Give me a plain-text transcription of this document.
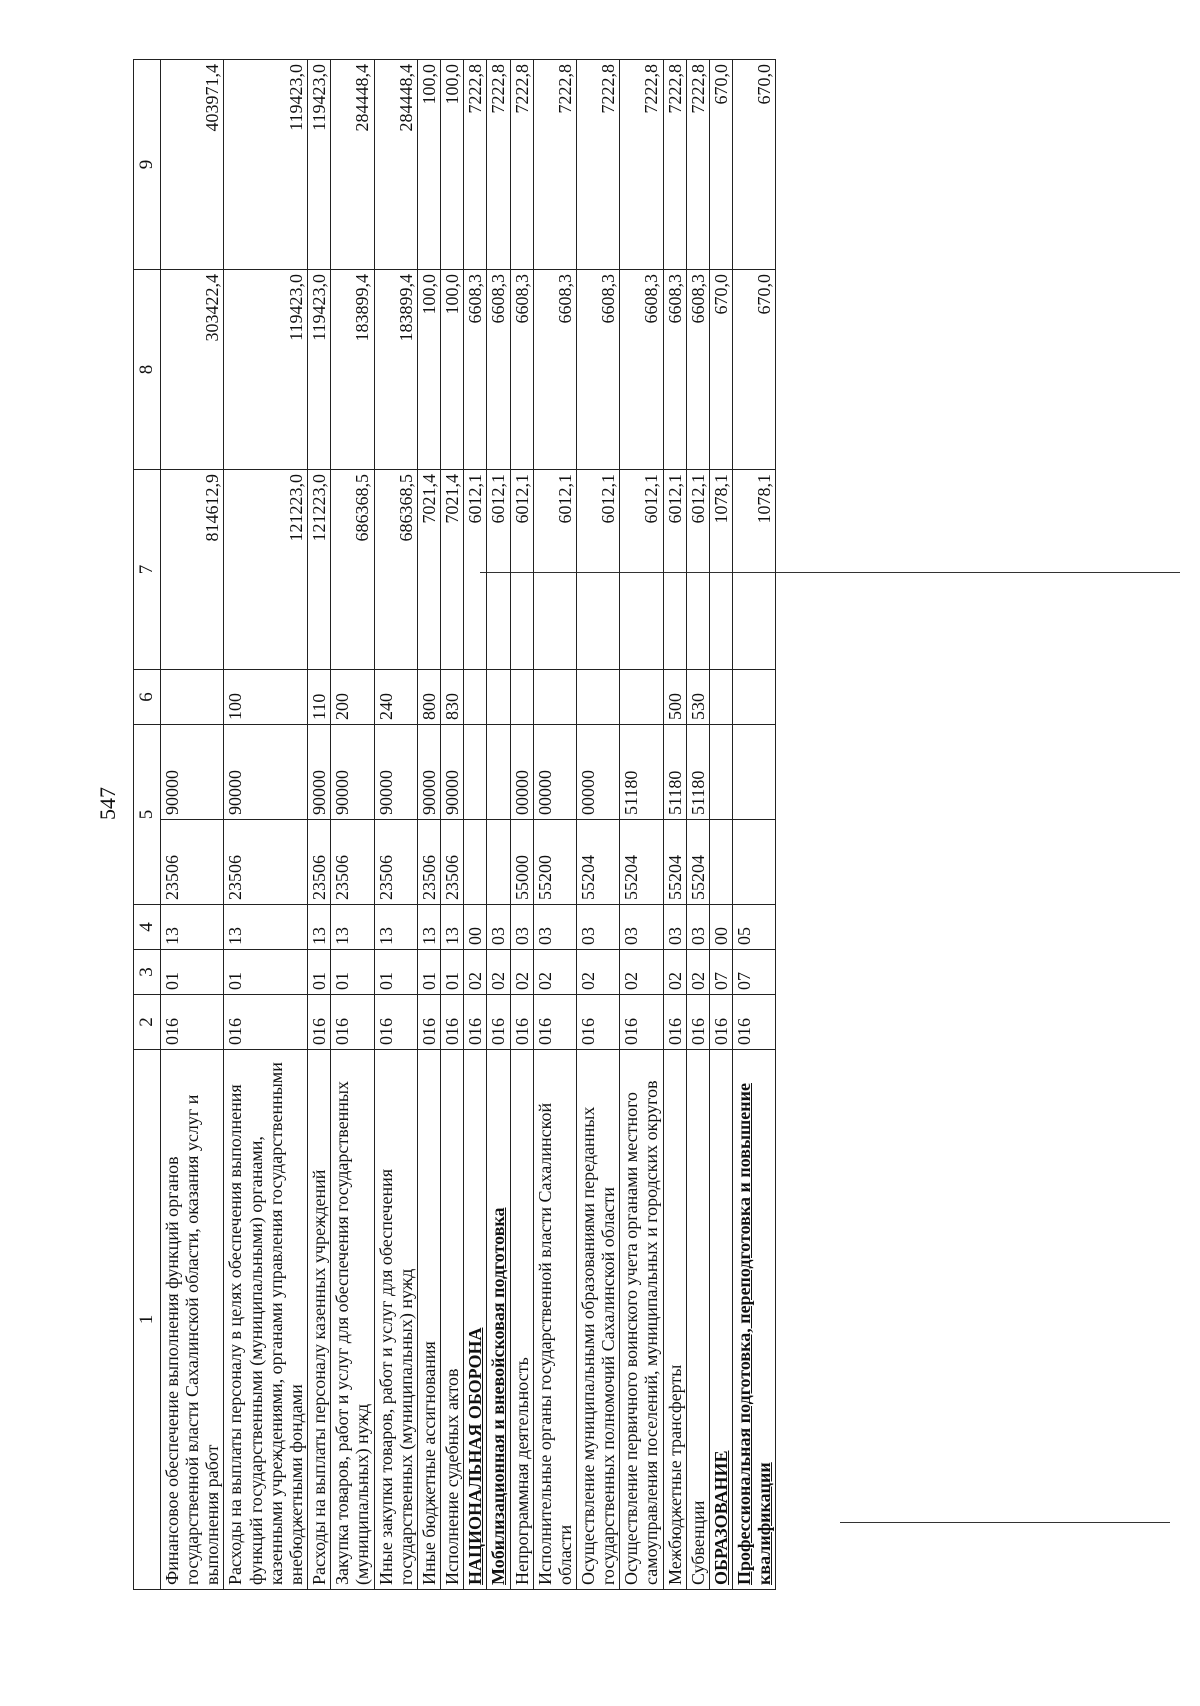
547
1	2	3	4	5		6	7	8	9
Финансовое обеспечение выполнения функций органов государственной власти Сахалинской области, оказания услуг и выполнения работ	016	01	13	23506	90000		814612,9	303422,4	403971,4
Расходы на выплаты персоналу в целях обеспечения выполнения функций государственными (муниципальными) органами, казенными учреждениями, органами управления государственными внебюджетными фондами	016	01	13	23506	90000	100	121223,0	119423,0	119423,0
Расходы на выплаты персоналу казенных учреждений	016	01	13	23506	90000	110	121223,0	119423,0	119423,0
Закупка товаров, работ и услуг для обеспечения государственных (муниципальных) нужд	016	01	13	23506	90000	200	686368,5	183899,4	284448,4
Иные закупки товаров, работ и услуг для обеспечения государственных (муниципальных) нужд	016	01	13	23506	90000	240	686368,5	183899,4	284448,4
Иные бюджетные ассигнования	016	01	13	23506	90000	800	7021,4	100,0	100,0
Исполнение судебных актов	016	01	13	23506	90000	830	7021,4	100,0	100,0
НАЦИОНАЛЬНАЯ ОБОРОНА	016	02	00				6012,1	6608,3	7222,8
Мобилизационная и вневойсковая подготовка	016	02	03				6012,1	6608,3	7222,8
Непрограммная деятельность	016	02	03	55000	00000		6012,1	6608,3	7222,8
Исполнительные органы государственной власти Сахалинской области	016	02	03	55200	00000		6012,1	6608,3	7222,8
Осуществление муниципальными образованиями переданных государственных полномочий Сахалинской области	016	02	03	55204	00000		6012,1	6608,3	7222,8
Осуществление первичного воинского учета органами местного самоуправления поселений, муниципальных и городских округов	016	02	03	55204	51180		6012,1	6608,3	7222,8
Межбюджетные трансферты	016	02	03	55204	51180	500	6012,1	6608,3	7222,8
Субвенции	016	02	03	55204	51180	530	6012,1	6608,3	7222,8
ОБРАЗОВАНИЕ	016	07	00				1078,1	670,0	670,0
Профессиональная подготовка, переподготовка и повышение квалификации	016	07	05				1078,1	670,0	670,0
